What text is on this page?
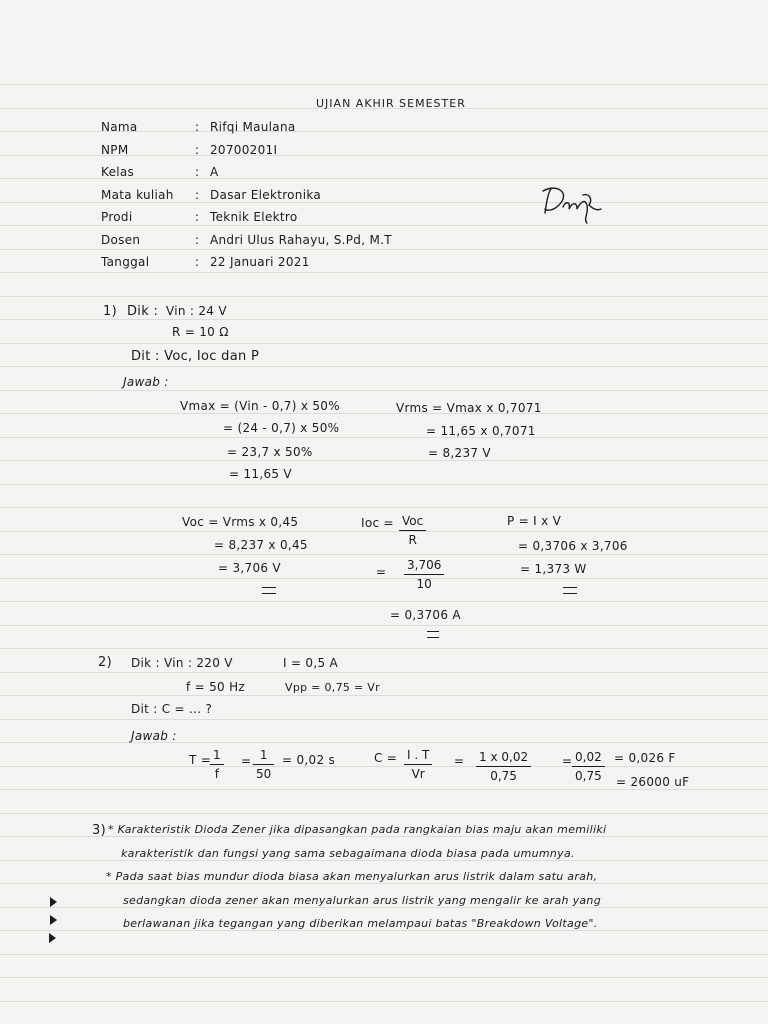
UJIAN AKHIR SEMESTER
Nama	: Rifqi Maulana
NPM	: 20700201I
Kelas	: A
Mata kuliah : Dasar Elektronika
Prodi	: Teknik Elektro
Dosen	: Andri Ulus Rahayu, S.Pd, M.T
Tanggal	: 22 Januari 2021
1) Dik : Vin : 24 V
R = 10 Ω
Dit : Voc, Ioc dan P
Jawab :
Vmax = (Vin - 0,7) x 50%
= (24 - 0,7) x 50%
= 23,7 x 50%
= 11,65 V
Vrms = Vmax x 0,7071
= 11,65 x 0,7071
= 8,237 V
Voc = Vrms x 0,45
= 8,237 x 0,45
= 3,706 V
Ioc = Voc
R
= 3,706
10
= 0,3706 A
P = I x V
= 0,3706 x 3,706
= 1,373 W
2) Dik : Vin : 220 V	I = 0,5 A
f = 50 Hz	Vpp = 0,75 = Vr
Dit : C = ... ?
Jawab :
T = 1
f
= 1
50
= 0,02 s	C = I . T
Vr
= 1 x 0,02
0,75
= 0,02
0,75
= 0,026 F
= 26000 uF
3) * Karakteristik Dioda Zener jika dipasangkan pada rangkaian bias maju akan memiliki
karakteristik dan fungsi yang sama sebagaimana dioda biasa pada umumnya.
* Pada saat bias mundur dioda biasa akan menyalurkan arus listrik dalam satu arah,
sedangkan dioda zener akan menyalurkan arus listrik yang mengalir ke arah yang
berlawanan jika tegangan yang diberikan melampaui batas "Breakdown Voltage".
